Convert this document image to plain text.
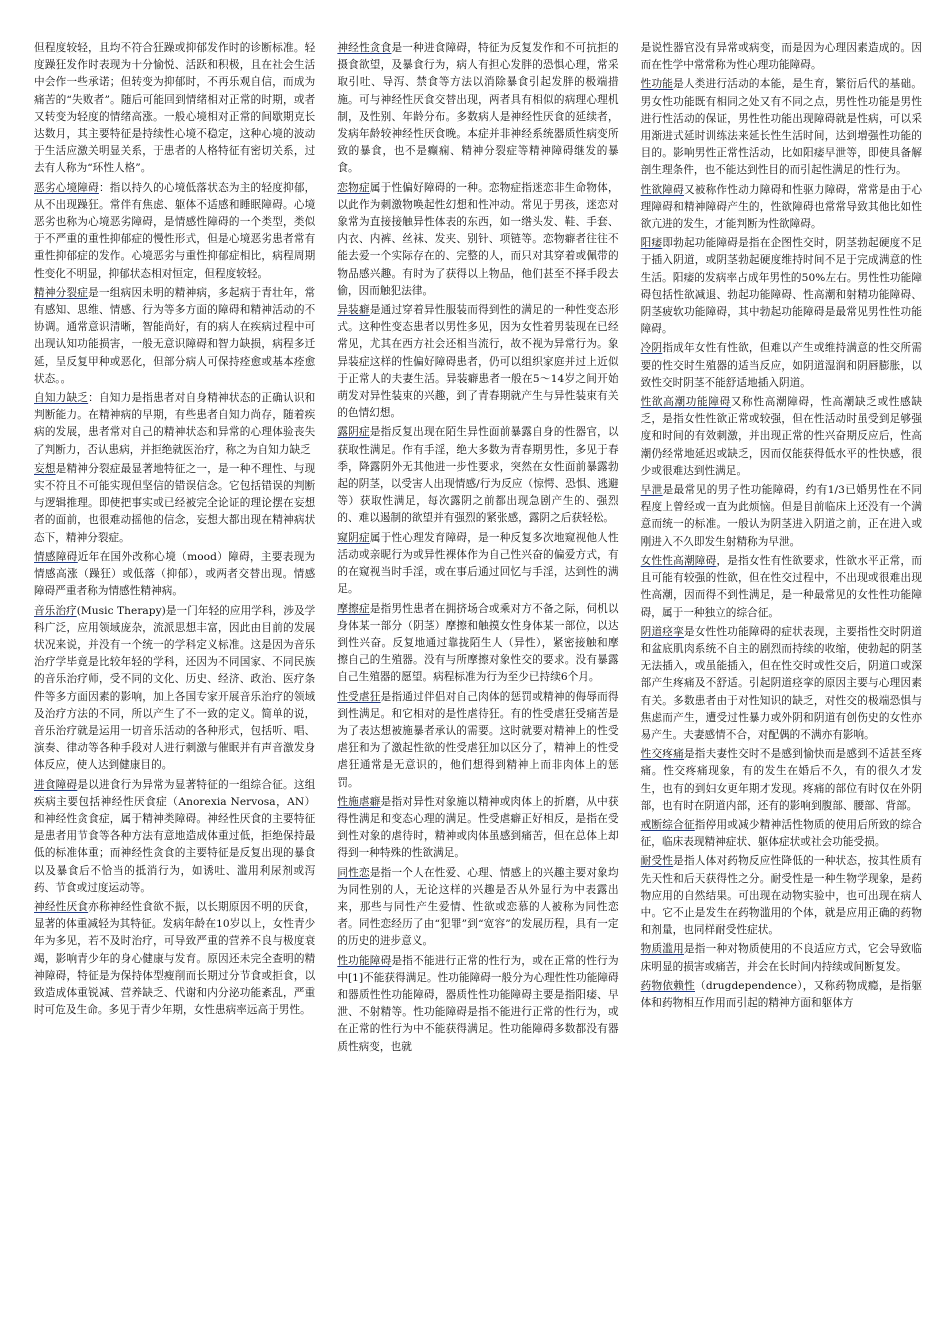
但程度较轻，且均不符合狂躁或抑郁发作时的诊断标准。轻度躁狂发作时表现为十分愉悦、活跃和积极，且在社会生活中会作一些承诺；但转变为抑郁时，不再乐观自信，而成为痛苦的“失败者”。随后可能回到情绪相对正常的时期，或者又转变为轻度的情绪高涨。一般心境相对正常的间歇期克长达数月，其主要特征是持续性心境不稳定，这种心境的波动于生活应激关明显关系，于患者的人格特征有密切关系，过去有人称为“环性人格”。

恶劣心境障碍：指以持久的心境低落状态为主的轻度抑郁，从不出现躁狂。常伴有焦虑、躯体不适感和睡眠障碍。心境恶劣也称为心境恶劣障碍，是情感性障碍的一个类型，类似于不严重的重性抑郁症的慢性形式，但是心境恶劣患者常有重性抑郁症的发作。心境恶劣与重性抑郁症相比，病程周期性变化不明显，抑郁状态相对恒定，但程度较轻。

精神分裂症是一组病因未明的精神病，多起病于青壮年，常有感知、思维、情感、行为等多方面的障碍和精神活动的不协调。通常意识清晰，智能尚好，有的病人在疾病过程中可出现认知功能损害，一般无意识障碍和智力缺损，病程多迁延，呈反复甲种或恶化，但部分病人可保持痊愈或基本痊愈状态。。

自知力缺乏：自知力是指患者对自身精神状态的正确认识和判断能力。在精神病的早期，有些患者自知力尚存，随着疾病的发展，患者常对自己的精神状态和异常的心理体验丧失了判断力，否认患病，并拒绝就医治疗，称之为自知力缺乏

妄想是精神分裂症最显著地特征之一，是一种不理性、与现实不符且不可能实现但坚信的错误信念。它包括错误的判断与逻辑推理。即使把事实或已经被完全论证的理论摆在妄想者的面前，也很难动摇他的信念，妄想大都出现在精神病状态下，精神分裂症。

情感障碍近年在国外改称心境（mood）障碍，主要表现为情感高涨（躁狂）或低落（抑郁），或两者交替出现。情感障碍严重者称为情感性精神病。

音乐治疗(Music Therapy)是一门年轻的应用学科，涉及学科广泛，应用领域庞杂，流派思想丰富，因此由目前的发展状况来说，并没有一个统一的学科定义标准。这是因为音乐治疗学毕竟是比较年轻的学科，还因为不同国家、不同民族的音乐治疗师，受不同的文化、历史、经济、政治、医疗条件等多方面因素的影响，加上各国专家开展音乐治疗的领域及治疗方法的不同，所以产生了不一致的定义。简单的说，音乐治疗就是运用一切音乐活动的各种形式，包括听、唱、演奏、律动等各种手段对人进行刺激与催眠并有声音激发身体反应，使人达到健康目的。

进食障碍是以进食行为异常为显著特征的一组综合征。这组疾病主要包括神经性厌食症（Anorexia Nervosa，AN）和神经性贪食症，属于精神类障碍。神经性厌食的主要特征是患者用节食等各种方法有意地造成体重过低，拒绝保持最低的标准体重；而神经性贪食的主要特征是反复出现的暴食以及暴食后不恰当的抵消行为，如诱吐、滥用利尿剂或泻药、节食或过度运动等。

神经性厌食亦称神经性食欲不振，以长期原因不明的厌食，显著的体重减轻为其特征。发病年龄在10岁以上，女性青少年为多见，若不及时治疗，可导致严重的营养不良与极度衰竭，影响青少年的身心健康与发育。原因还未完全查明的精神障碍，特征是为保持体型瘦削而长期过分节食或拒食，以致造成体重锐减、营养缺乏、代谢和内分泌功能紊乱，严重时可危及生命。多见于青少年期，女性患病率远高于男性。

神经性贪食是一种进食障碍，特征为反复发作和不可抗拒的摄食欲望，及暴食行为，病人有担心发胖的恐惧心理，常采取引吐、导泻、禁食等方法以消除暴食引起发胖的极端措施。可与神经性厌食交替出现，两者具有相似的病理心理机制，及性别、年龄分布。多数病人是神经性厌食的延续者，发病年龄较神经性厌食晚。本症并非神经系统器质性病变所致的暴食，也不是癫痫、精神分裂症等精神障碍继发的暴食。

恋物症属于性偏好障碍的一种。恋物症指迷恋非生命物体，以此作为刺激物唤起性幻想和性冲动。常见于男孩，迷恋对象常为直接接触异性体表的东西，如一绺头发、鞋、手套、内衣、内裤、丝袜、发夹、别针、项链等。恋物癖者往往不能去爱一个实际存在的、完整的人，而只对其穿着或佩带的物品感兴趣。有时为了获得以上物品，他们甚至不择手段去偷，因而触犯法律。

异装癖是通过穿着异性服装而得到性的满足的一种性变态形式。这种性变态患者以男性多见，因为女性着男装现在已经常见，尤其在西方社会还相当流行，故不视为异常行为。象异装症这样的性偏好障碍患者，仍可以组织家庭并过上近似于正常人的夫妻生活。异装癖患者一般在5～14岁之间开始萌发对异性装束的兴趣，到了青春期就产生与异性装束有关的色情幻想。

露阴症是指反复出现在陌生异性面前暴露自身的性器官，以获取性满足。作有手淫，绝大多数为青春期男性，多见于春季，降露阴外无其他进一步性要求，突然在女性面前暴露勃起的阴茎，以受害人出现情感/行为反应（惊愕、恐惧、逃避等）获取性满足，每次露阴之前都出现急剧产生的、强烈的、难以遏制的欲望并有强烈的紧张感，露阴之后获轻松。

窥阴症属于性心理发育障碍，是一种反复多次地窥视他人性活动或亲昵行为或异性裸体作为自己性兴奋的偏爱方式，有的在窥视当时手淫，或在事后通过回忆与手淫，达到性的满足。

摩擦症是指男性患者在拥挤场合或乘对方不备之际，伺机以身体某一部分（阴茎）摩擦和触摸女性身体某一部位，以达到性兴奋。反复地通过靠拢陌生人（异性），紧密接触和摩擦自己的生殖器。没有与所摩擦对象性交的要求。没有暴露自己生殖器的愿望。病程标准为行为至少已持续6个月。

性受虐狂是指通过伴侣对自己肉体的惩罚或精神的侮辱而得到性满足。和它相对的是性虐待狂。有的性受虐狂受痛苦是为了表达想被施暴者承认的需要。这时就要对精神上的性受虐狂和为了激起性欲的性受虐狂加以区分了，精神上的性受虐狂通常是无意识的，他们想得到精神上而非肉体上的惩罚。

性施虐癖是指对异性对象施以精神或肉体上的折磨，从中获得性满足和变态心理的满足。性受虐癖正好相反，是指在受到性对象的虐待时，精神或肉体虽感到痛苦，但在总体上却得到一种特殊的性欲满足。

同性恋是指一个人在性爱、心理、情感上的兴趣主要对象均为同性别的人，无论这样的兴趣是否从外显行为中表露出来，那些与同性产生爱情、性欲或恋慕的人被称为同性恋者。同性恋经历了由“犯罪”到“宽容”的发展历程，具有一定的历史的进步意义。

性功能障碍是指不能进行正常的性行为，或在正常的性行为中[1]不能获得满足。性功能障碍一般分为心理性性功能障碍和器质性性功能障碍，器质性性功能障碍主要是指阳痿、早泄、不射精等。性功能障碍是指不能进行正常的性行为，或在正常的性行为中不能获得满足。性功能障碍多数都没有器质性病变，也就

是说性器官没有异常或病变，而是因为心理因素造成的。因而在性学中常常称为性心理功能障碍。

性功能是人类进行活动的本能，是生育，繁衍后代的基础。男女性功能既有相同之处又有不同之点，男性性功能是男性进行性活动的保证，男性性功能出现障碍就是性病，可以采用渐进式延时训练法来延长性生活时间，达到增强性功能的目的。影响男性正常性活动，比如阳痿早泄等，即使具备解剖生理条件，也不能达到性目的而引起性满足的性行为。

性欲障碍又被称作性动力障碍和性驱力障碍，常常是由于心理障碍和精神障碍产生的，性欲障碍也常常导致其他比如性欲亢进的发生，才能判断为性欲障碍。

阳痿即勃起功能障碍是指在企图性交时，阴茎勃起硬度不足于插入阴道，或阴茎勃起硬度维持时间不足于完成满意的性生活。阳痿的发病率占成年男性的50%左右。男性性功能障碍包括性欲减退、勃起功能障碍、性高潮和射精功能障碍、阴茎疲软功能障碍，其中勃起功能障碍是最常见男性性功能障碍。

冷阴指成年女性有性欲，但难以产生或维持满意的性交所需要的性交时生殖器的适当反应，如阴道湿润和阴唇膨胀，以致性交时阴茎不能舒适地插入阴道。

性欲高潮功能障碍又称性高潮障碍，性高潮缺乏或性感缺乏，是指女性性欲正常或较强，但在性活动时虽受到足够强度和时间的有效刺激，并出现正常的性兴奋期反应后，性高潮仍经常地延迟或缺乏，因而仅能获得低水平的性快感，很少或很难达到性满足。

早泄是最常见的男子性功能障碍，约有1/3已婚男性在不同程度上曾经或一直为此烦恼。但是目前临床上还没有一个满意而统一的标准。一般认为阴茎进入阴道之前，正在进入或刚进入不久即发生射精称为早泄。

女性性高潮障碍，是指女性有性欲要求，性欲水平正常，而且可能有较强的性欲，但在性交过程中，不出现或很难出现性高潮，因而得不到性满足，是一种最常见的女性性功能障碍，属于一种独立的综合征。

阴道痉挛是女性性功能障碍的症状表现，主要指性交时阴道和盆底肌肉系统不自主的剧烈而持续的收缩，使勃起的阴茎无法插入，或虽能插入，但在性交时或性交后，阴道口或深部产生疼痛及不舒适。引起阴道痉挛的原因主要与心理因素有关。多数患者由于对性知识的缺乏，对性交的极端恐惧与焦虑而产生，遭受过性暴力或外阴和阴道有创伤史的女性亦易产生。夫妻感情不合，对配偶的不满亦有影响。

性交疼痛是指夫妻性交时不是感到愉快而是感到不适甚至疼痛。性交疼痛现象，有的发生在婚后不久，有的很久才发生，也有的到妇女更年期才发现。疼痛的部位有时仅在外阴部，也有时在阴道内部，还有的影响到腹部、腰部、背部。

戒断综合征指停用或减少精神活性物质的使用后所致的综合征，临床表现精神症状、躯体症状或社会功能受损。

耐受性是指人体对药物反应性降低的一种状态，按其性质有先天性和后天获得性之分。耐受性是一种生物学现象，是药物应用的自然结果。可出现在动物实验中，也可出现在病人中。它不止是发生在药物滥用的个体，就是应用正确的药物和剂量，也同样耐受性症状。

物质滥用是指一种对物质使用的不良适应方式，它会导致临床明显的损害或痛苦，并会在长时间内持续或间断复发。

药物依赖性（drugdependence），又称药物成瘾，是指躯体和药物相互作用而引起的精神方面和躯体方
